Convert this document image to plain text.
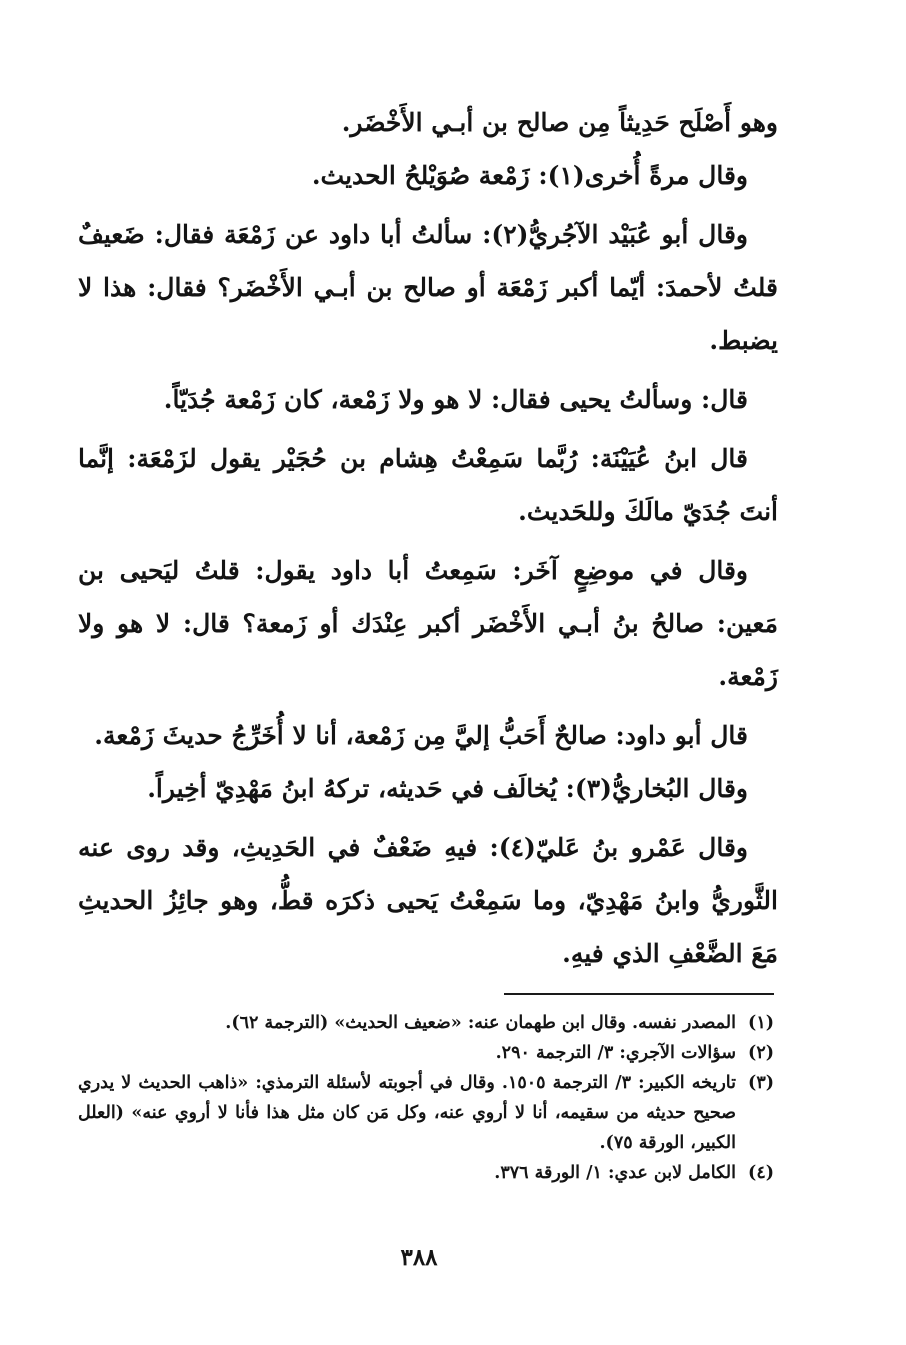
وهو أَصْلَح حَدِيثاً مِن صالح بن أبـي الأَخْضَر.

وقال مرةً أُخرى(١): زَمْعة صُوَيْلحُ الحديث.

وقال أبو عُبَيْد الآجُريُّ(٢): سألتُ أبا داود عن زَمْعَة فقال: ضَعيفٌ قلتُ لأحمدَ: أيّما أكبر زَمْعَة أو صالح بن أبـي الأَخْضَر؟ فقال: هذا لا يضبط.

قال: وسألتُ يحيى فقال: لا هو ولا زَمْعة، كان زَمْعة جُدَيّاً.

قال ابنُ عُيَيْنَة: رُبَّما سَمِعْتُ هِشام بن حُجَيْر يقول لزَمْعَة: إنَّما أنتَ جُدَيّ مالَكَ وللحَديث.

وقال في موضِعٍ آخَر: سَمِعتُ أبا داود يقول: قلتُ ليَحيى بن مَعين: صالحُ بنُ أبـي الأَخْضَر أكبر عِنْدَك أو زَمعة؟ قال: لا هو ولا زَمْعة.

قال أبو داود: صالحٌ أَحَبُّ إليَّ مِن زَمْعة، أنا لا أُخَرِّجُ حديثَ زَمْعة.

وقال البُخاريُّ(٣): يُخالَف في حَديثه، تركهُ ابنُ مَهْدِيّ أخِيراً.

وقال عَمْرو بنُ عَليّ(٤): فيهِ ضَعْفٌ في الحَدِيثِ، وقد روى عنه الثَّوريُّ وابنُ مَهْدِيّ، وما سَمِعْتُ يَحيى ذكرَه قطُّ، وهو جائِزُ الحديثِ مَعَ الضَّعْفِ الذي فيهِ.

(١)
المصدر نفسه. وقال ابن طهمان عنه: «ضعيف الحديث» (الترجمة ٦٢).
(٢)
سؤالات الآجري: ٣/ الترجمة ٢٩٠.
(٣)
تاريخه الكبير: ٣/ الترجمة ١٥٠٥. وقال في أجوبته لأسئلة الترمذي: «ذاهب الحديث لا يدري صحيح حديثه من سقيمه، أنا لا أروي عنه، وكل مَن كان مثل هذا فأنا لا أروي عنه» (العلل الكبير، الورقة ٧٥).
(٤)
الكامل لابن عدي: ١/ الورقة ٣٧٦.
٣٨٨
